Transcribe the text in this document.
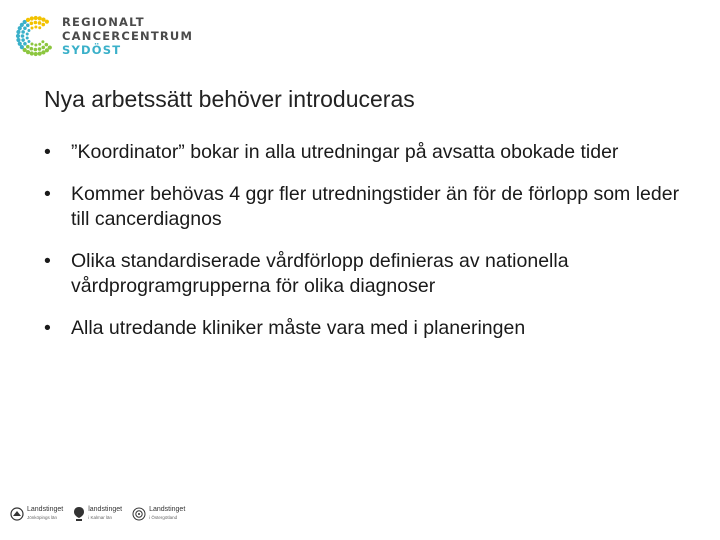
REGIONALT
CANCERCENTRUM
SYDÖST
Nya arbetssätt behöver introduceras
• ”Koordinator” bokar in alla utredningar på avsatta obokade tider
• Kommer behövas 4 ggr fler utredningstider än för de förlopp som leder till cancerdiagnos
• Olika standardiserade vårdförlopp definieras av nationella vårdprogramgrupperna för olika diagnoser
• Alla utredande kliniker måste vara med i planeringen
Landstinget
Jönköpings län
landstinget
i Kalmar län
Landstinget
i Östergötland
